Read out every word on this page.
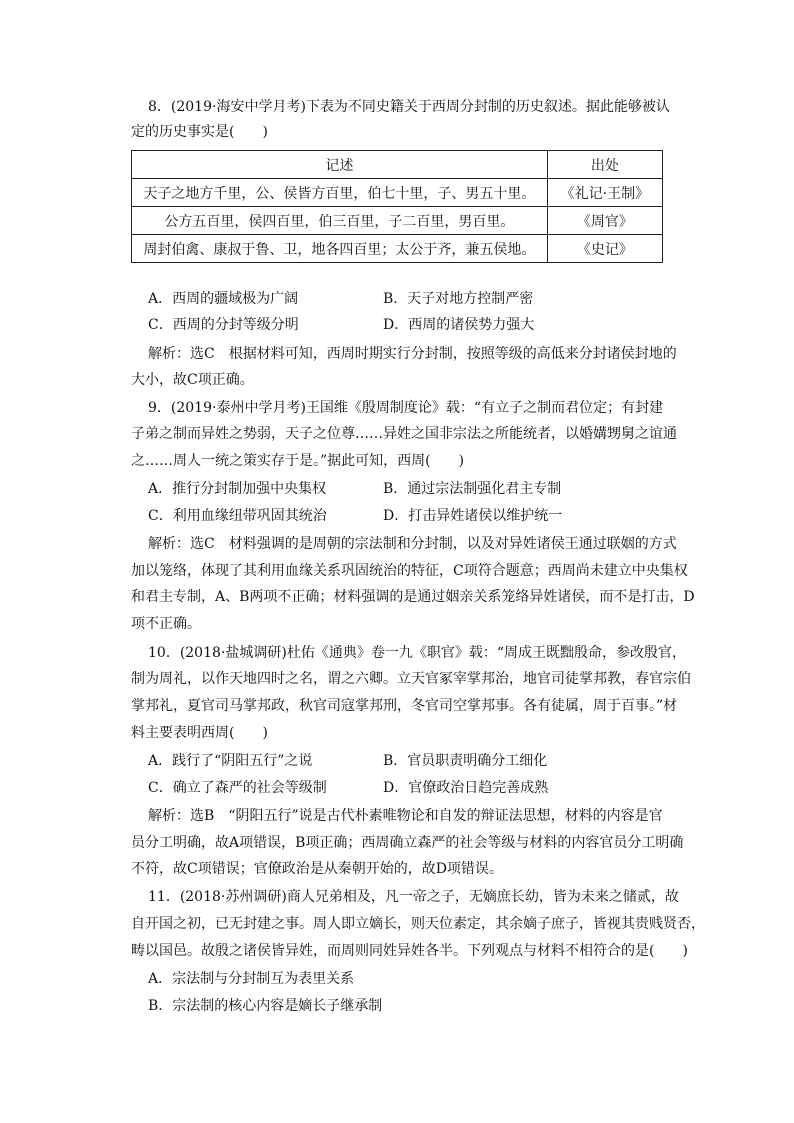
8．(2019·海安中学月考)下表为不同史籍关于西周分封制的历史叙述。据此能够被认
定的历史事实是(　　)
记述	出处
天子之地方千里，公、侯皆方百里，伯七十里，子、男五十里。	《礼记·王制》
公方五百里，侯四百里，伯三百里，子二百里，男百里。	《周官》
周封伯禽、康叔于鲁、卫，地各四百里；太公于齐，兼五侯地。	《史记》
A．西周的疆域极为广阔	B．天子对地方控制严密
C．西周的分封等级分明	D．西周的诸侯势力强大
解析：选C　根据材料可知，西周时期实行分封制，按照等级的高低来分封诸侯封地的
大小，故C项正确。
9．(2019·泰州中学月考)王国维《殷周制度论》载：“有立子之制而君位定；有封建
子弟之制而异姓之势弱，天子之位尊……异姓之国非宗法之所能统者，以婚媾甥舅之谊通
之……周人一统之策实存于是。”据此可知，西周(　　)
A．推行分封制加强中央集权	B．通过宗法制强化君主专制
C．利用血缘纽带巩固其统治	D．打击异姓诸侯以维护统一
解析：选C　材料强调的是周朝的宗法制和分封制，以及对异姓诸侯王通过联姻的方式
加以笼络，体现了其利用血缘关系巩固统治的特征，C项符合题意；西周尚未建立中央集权
和君主专制，A、B两项不正确；材料强调的是通过姻亲关系笼络异姓诸侯，而不是打击，D
项不正确。
10．(2018·盐城调研)杜佑《通典》卷一九《职官》载：“周成王既黜殷命，参改殷官，
制为周礼，以作天地四时之名，谓之六卿。立天官冢宰掌邦治，地官司徒掌邦教，春官宗伯
掌邦礼，夏官司马掌邦政，秋官司寇掌邦刑，冬官司空掌邦事。各有徒属，周于百事。”材
料主要表明西周(　　)
A．践行了“阴阳五行”之说	B．官员职责明确分工细化
C．确立了森严的社会等级制	D．官僚政治日趋完善成熟
解析：选B　“阴阳五行”说是古代朴素唯物论和自发的辩证法思想，材料的内容是官
员分工明确，故A项错误，B项正确；西周确立森严的社会等级与材料的内容官员分工明确
不符，故C项错误；官僚政治是从秦朝开始的，故D项错误。
11．(2018·苏州调研)商人兄弟相及，凡一帝之子，无嫡庶长幼，皆为未来之储贰，故
自开国之初，已无封建之事。周人即立嫡长，则天位素定，其余嫡子庶子，皆视其贵贱贤否，
畴以国邑。故殷之诸侯皆异姓，而周则同姓异姓各半。下列观点与材料不相符合的是(　　)
A．宗法制与分封制互为表里关系
B．宗法制的核心内容是嫡长子继承制
